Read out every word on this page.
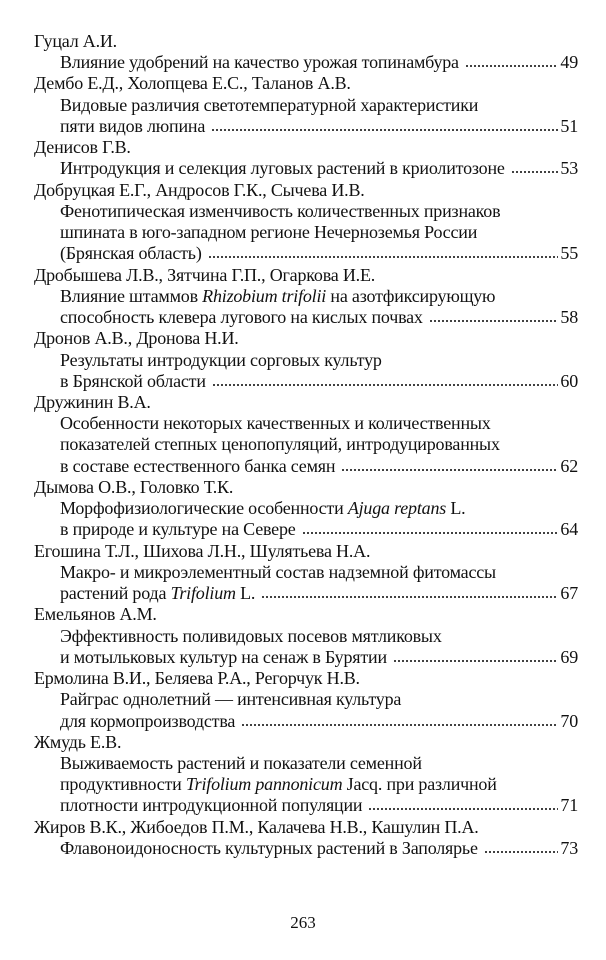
Гуцал А.И.
Влияние удобрений на качество урожая топинамбура	49
Дембо Е.Д., Холопцева Е.С., Таланов А.В.
Видовые различия светотемпературной характеристики
пяти видов люпина	51
Денисов Г.В.
Интродукция и селекция луговых растений в криолитозоне	53
Добруцкая Е.Г., Андросов Г.К., Сычева И.В.
Фенотипическая изменчивость количественных признаков
шпината в юго-западном регионе Нечерноземья России
(Брянская область)	55
Дробышева Л.В., Зятчина Г.П., Огаркова И.Е.
Влияние штаммов Rhizobium trifolii на азотфиксирующую
способность клевера лугового на кислых почвах	58
Дронов А.В., Дронова Н.И.
Результаты интродукции сорговых культур
в Брянской области	60
Дружинин В.А.
Особенности некоторых качественных и количественных
показателей степных ценопопуляций, интродуцированных
в составе естественного банка семян	62
Дымова О.В., Головко Т.К.
Морфофизиологические особенности Ajuga reptans L.
в природе и культуре на Севере	64
Егошина Т.Л., Шихова Л.Н., Шулятьева Н.А.
Макро- и микроэлементный состав надземной фитомассы
растений рода Trifolium L.	67
Емельянов А.М.
Эффективность поливидовых посевов мятликовых
и мотыльковых культур на сенаж в Бурятии	69
Ермолина В.И., Беляева Р.А., Регорчук Н.В.
Райграс однолетний — интенсивная культура
для кормопроизводства	70
Жмудь Е.В.
Выживаемость растений и показатели семенной
продуктивности Trifolium pannonicum Jacq. при различной
плотности интродукционной популяции	71
Жиров В.К., Жибоедов П.М., Калачева Н.В., Кашулин П.А.
Флавоноидоносность культурных растений в Заполярье	73
263
